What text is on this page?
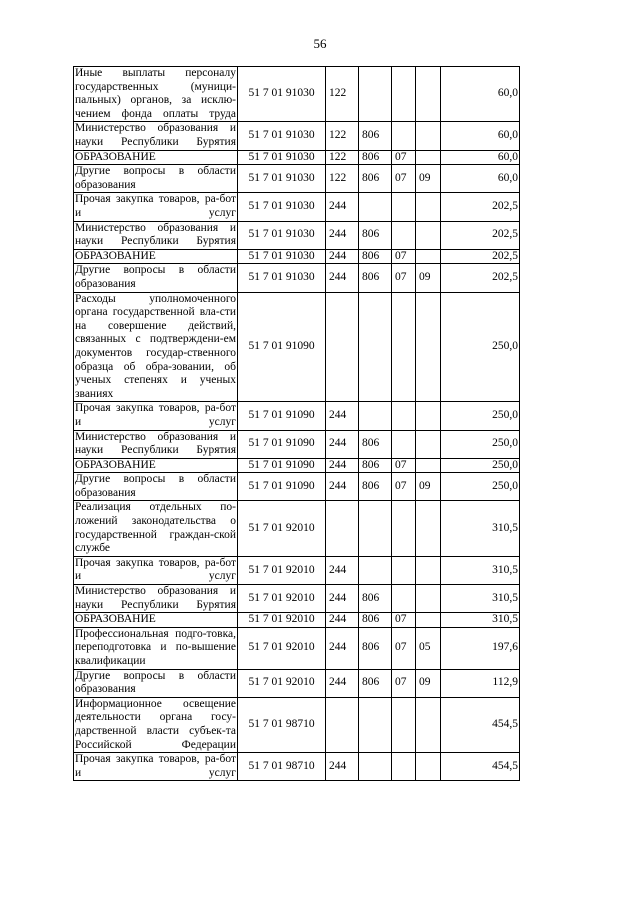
56
Иные выплаты персоналу государственных (муници-пальных) органов, за исклю-чением фонда оплаты труда	51 7 01 91030	122				60,0
Министерство образования и науки Республики Бурятия	51 7 01 91030	122	806			60,0
ОБРАЗОВАНИЕ	51 7 01 91030	122	806	07		60,0
Другие вопросы в области образования	51 7 01 91030	122	806	07	09	60,0
Прочая закупка товаров, ра-бот и услуг	51 7 01 91030	244				202,5
Министерство образования и науки Республики Бурятия	51 7 01 91030	244	806			202,5
ОБРАЗОВАНИЕ	51 7 01 91030	244	806	07		202,5
Другие вопросы в области образования	51 7 01 91030	244	806	07	09	202,5
Расходы уполномоченного органа государственной вла-сти на совершение действий, связанных с подтверждени-ем документов государ-ственного образца об обра-зовании, об ученых степенях и ученых званиях	51 7 01 91090					250,0
Прочая закупка товаров, ра-бот и услуг	51 7 01 91090	244				250,0
Министерство образования и науки Республики Бурятия	51 7 01 91090	244	806			250,0
ОБРАЗОВАНИЕ	51 7 01 91090	244	806	07		250,0
Другие вопросы в области образования	51 7 01 91090	244	806	07	09	250,0
Реализация отдельных по-ложений законодательства о государственной граждан-ской службе	51 7 01 92010					310,5
Прочая закупка товаров, ра-бот и услуг	51 7 01 92010	244				310,5
Министерство образования и науки Республики Бурятия	51 7 01 92010	244	806			310,5
ОБРАЗОВАНИЕ	51 7 01 92010	244	806	07		310,5
Профессиональная подго-товка, переподготовка и по-вышение квалификации	51 7 01 92010	244	806	07	05	197,6
Другие вопросы в области образования	51 7 01 92010	244	806	07	09	112,9
Информационное освещение деятельности органа госу-дарственной власти субъек-та Российской Федерации	51 7 01 98710					454,5
Прочая закупка товаров, ра-бот и услуг	51 7 01 98710	244				454,5
